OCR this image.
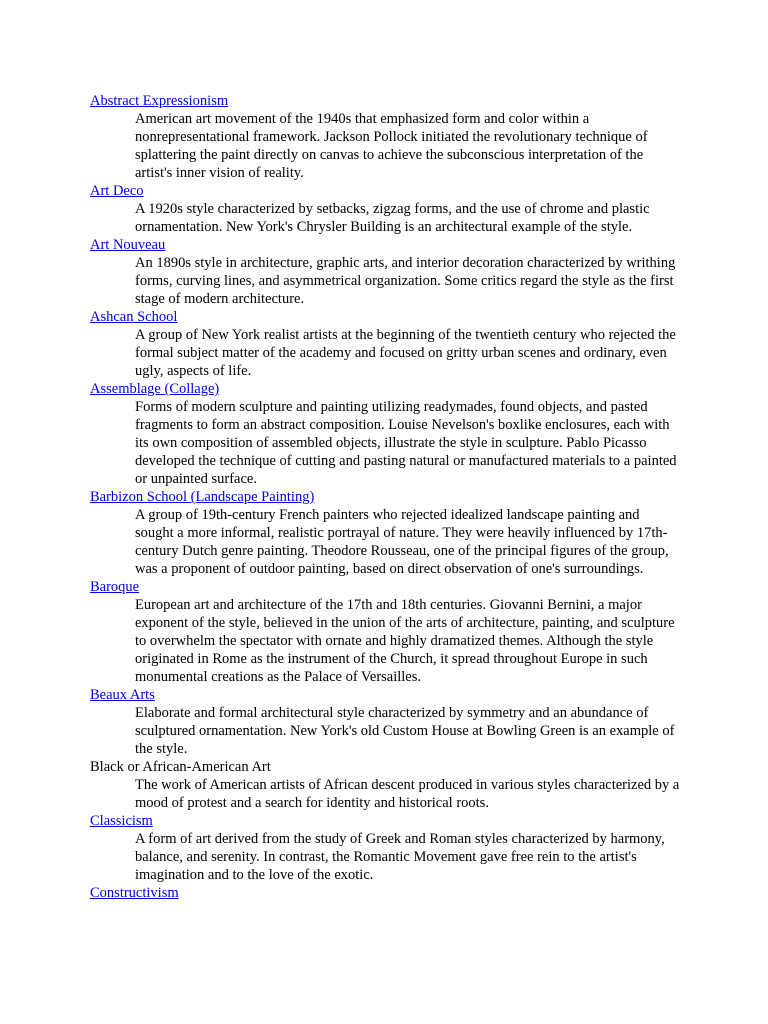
Abstract Expressionism
American art movement of the 1940s that emphasized form and color within a nonrepresentational framework. Jackson Pollock initiated the revolutionary technique of splattering the paint directly on canvas to achieve the subconscious interpretation of the artist's inner vision of reality.
Art Deco
A 1920s style characterized by setbacks, zigzag forms, and the use of chrome and plastic ornamentation. New York's Chrysler Building is an architectural example of the style.
Art Nouveau
An 1890s style in architecture, graphic arts, and interior decoration characterized by writhing forms, curving lines, and asymmetrical organization. Some critics regard the style as the first stage of modern architecture.
Ashcan School
A group of New York realist artists at the beginning of the twentieth century who rejected the formal subject matter of the academy and focused on gritty urban scenes and ordinary, even ugly, aspects of life.
Assemblage (Collage)
Forms of modern sculpture and painting utilizing readymades, found objects, and pasted fragments to form an abstract composition. Louise Nevelson's boxlike enclosures, each with its own composition of assembled objects, illustrate the style in sculpture. Pablo Picasso developed the technique of cutting and pasting natural or manufactured materials to a painted or unpainted surface.
Barbizon School (Landscape Painting)
A group of 19th-century French painters who rejected idealized landscape painting and sought a more informal, realistic portrayal of nature. They were heavily influenced by 17th-century Dutch genre painting. Theodore Rousseau, one of the principal figures of the group, was a proponent of outdoor painting, based on direct observation of one's surroundings.
Baroque
European art and architecture of the 17th and 18th centuries. Giovanni Bernini, a major exponent of the style, believed in the union of the arts of architecture, painting, and sculpture to overwhelm the spectator with ornate and highly dramatized themes. Although the style originated in Rome as the instrument of the Church, it spread throughout Europe in such monumental creations as the Palace of Versailles.
Beaux Arts
Elaborate and formal architectural style characterized by symmetry and an abundance of sculptured ornamentation. New York's old Custom House at Bowling Green is an example of the style.
Black or African-American Art
The work of American artists of African descent produced in various styles characterized by a mood of protest and a search for identity and historical roots.
Classicism
A form of art derived from the study of Greek and Roman styles characterized by harmony, balance, and serenity. In contrast, the Romantic Movement gave free rein to the artist's imagination and to the love of the exotic.
Constructivism
